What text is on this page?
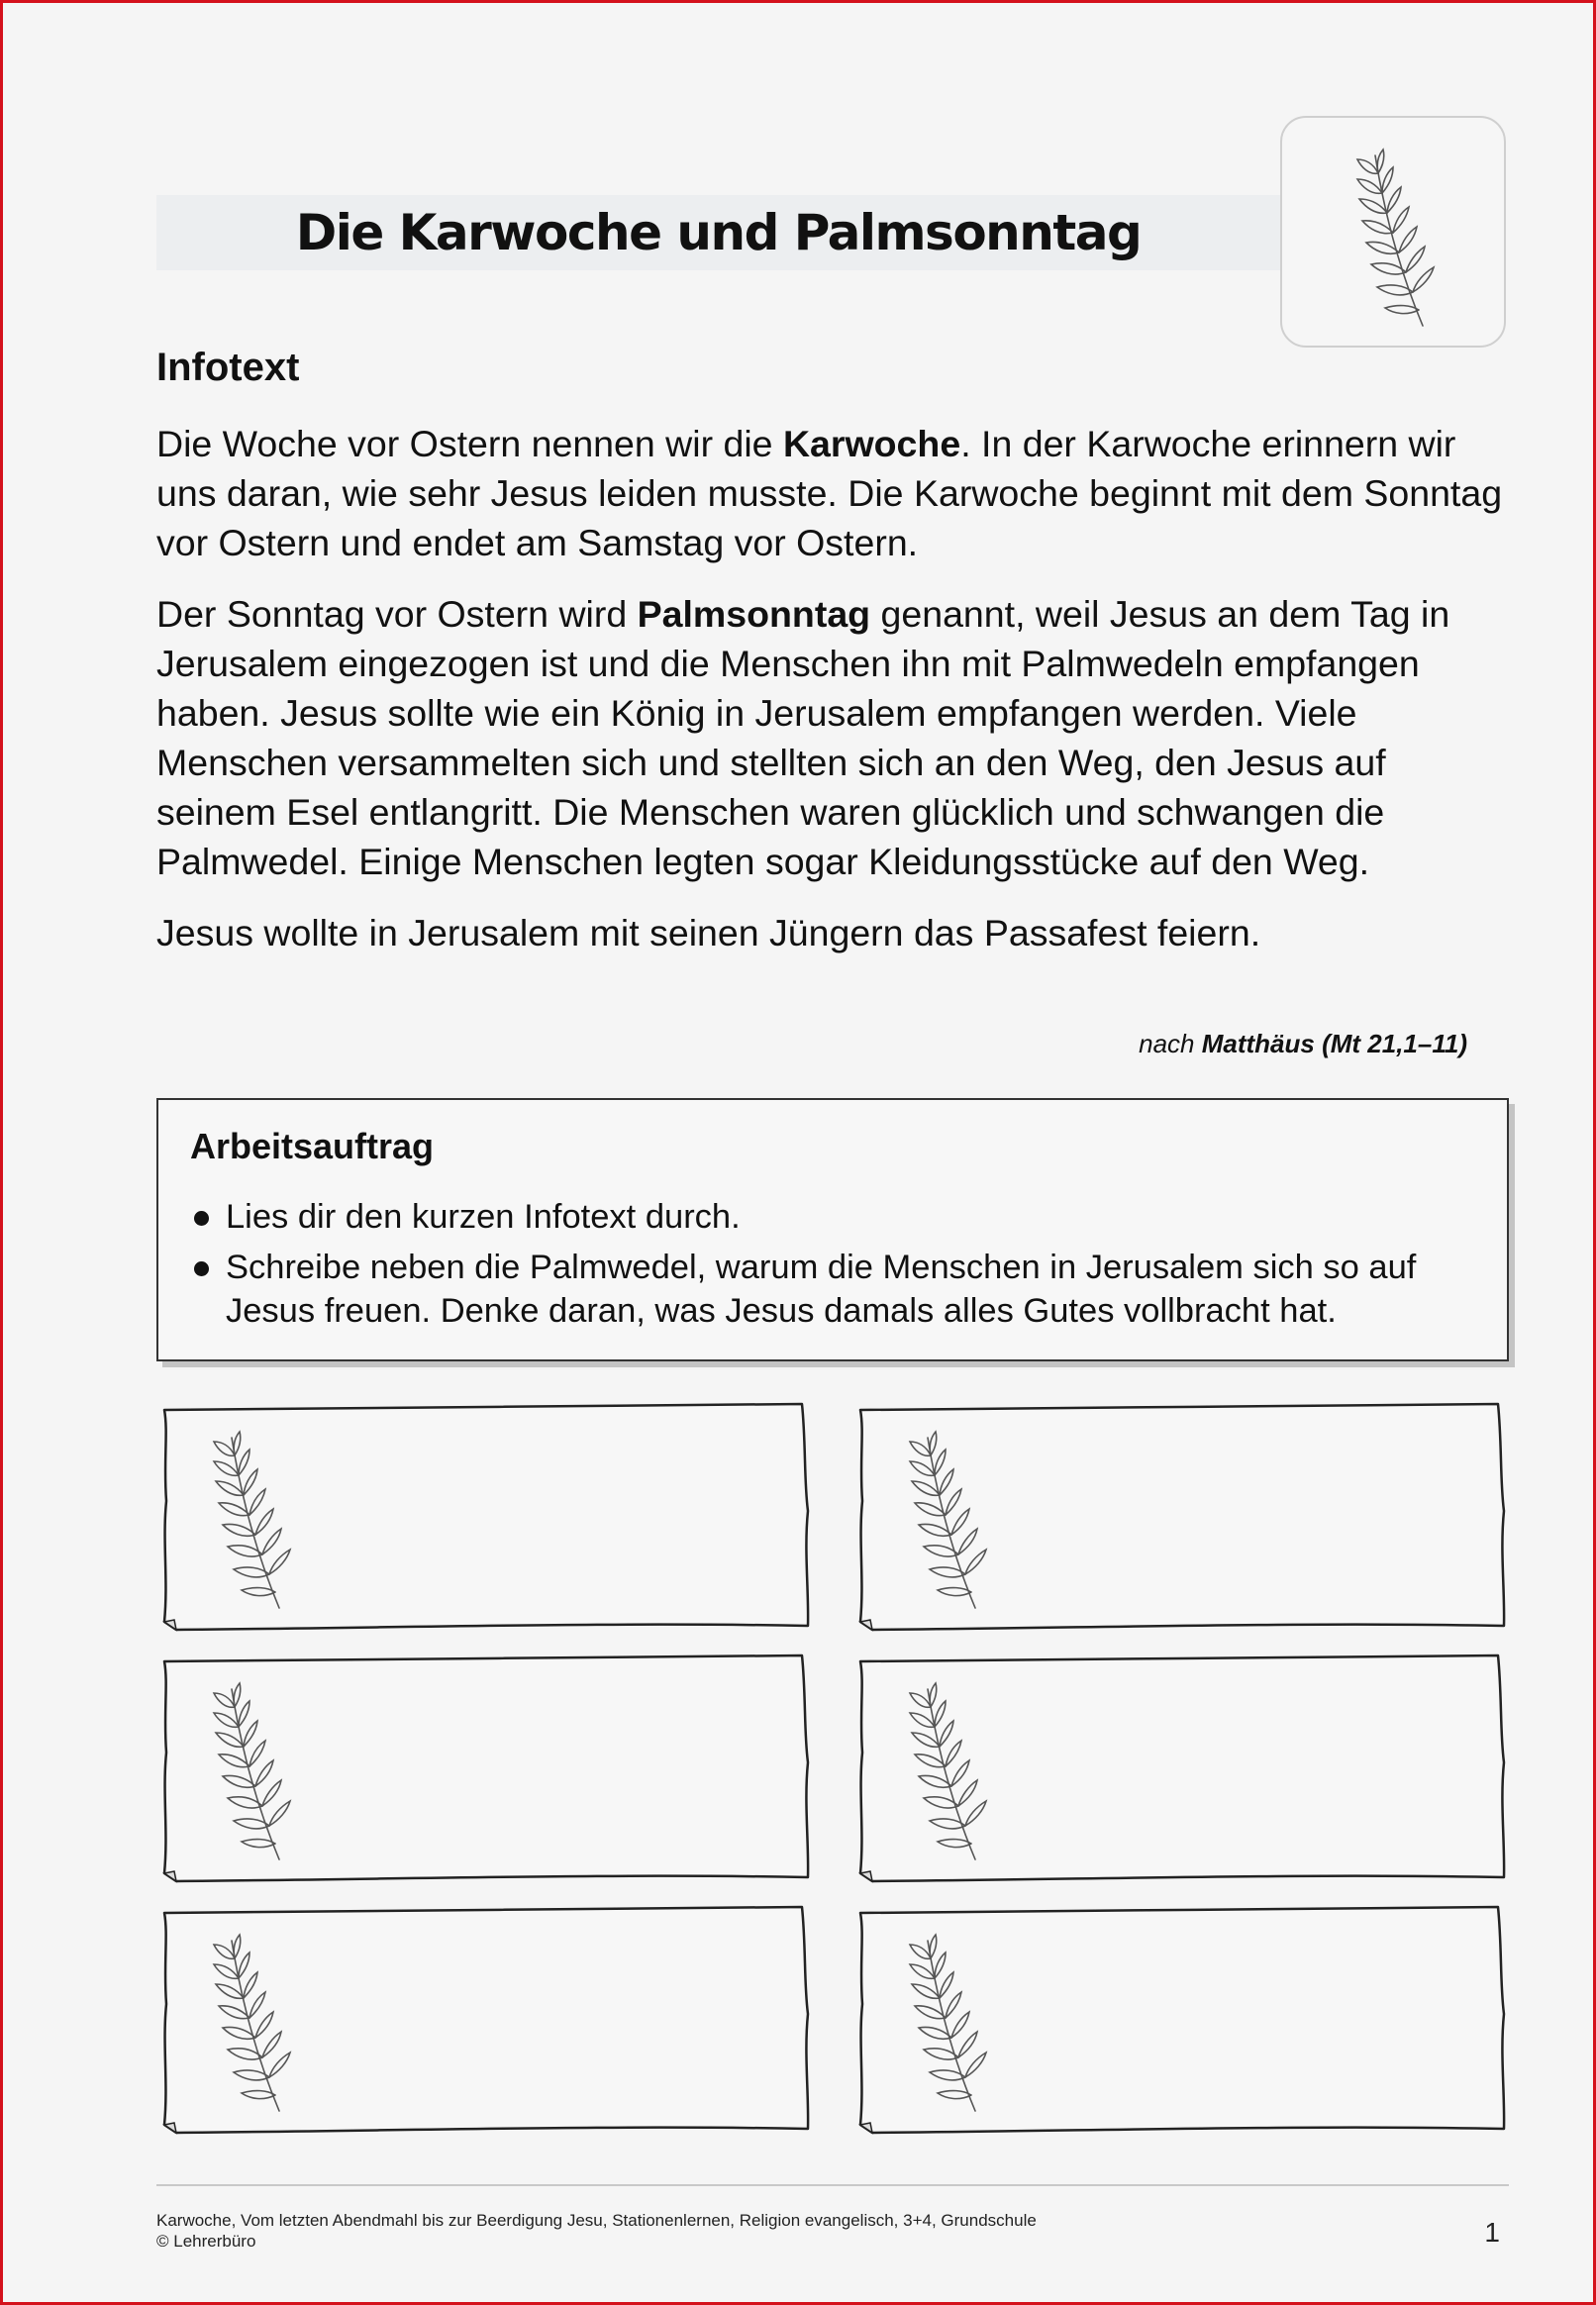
Die Karwoche und Palmsonntag
Infotext

Die Woche vor Ostern nennen wir die Karwoche. In der Karwoche erinnern wir uns daran, wie sehr Jesus leiden musste. Die Karwoche beginnt mit dem Sonntag vor Ostern und endet am Samstag vor Ostern.

Der Sonntag vor Ostern wird Palmsonntag genannt, weil Jesus an dem Tag in Jerusalem eingezogen ist und die Menschen ihn mit Palmwedeln empfangen haben. Jesus sollte wie ein König in Jerusalem empfangen werden. Viele Menschen versammelten sich und stellten sich an den Weg, den Jesus auf seinem Esel entlangritt. Die Menschen waren glücklich und schwangen die Palmwedel. Einige Menschen legten sogar Kleidungsstücke auf den Weg.

Jesus wollte in Jerusalem mit seinen Jüngern das Passafest feiern.

nach Matthäus (Mt 21,1–11)
Arbeitsauftrag
Lies dir den kurzen Infotext durch.
Schreibe neben die Palmwedel, warum die Menschen in Jerusalem sich so auf Jesus freuen. Denke daran, was Jesus damals alles Gutes vollbracht hat.
Karwoche, Vom letzten Abendmahl bis zur Beerdigung Jesu, Stationenlernen, Religion evangelisch, 3+4, Grundschule
© Lehrerbüro	1
